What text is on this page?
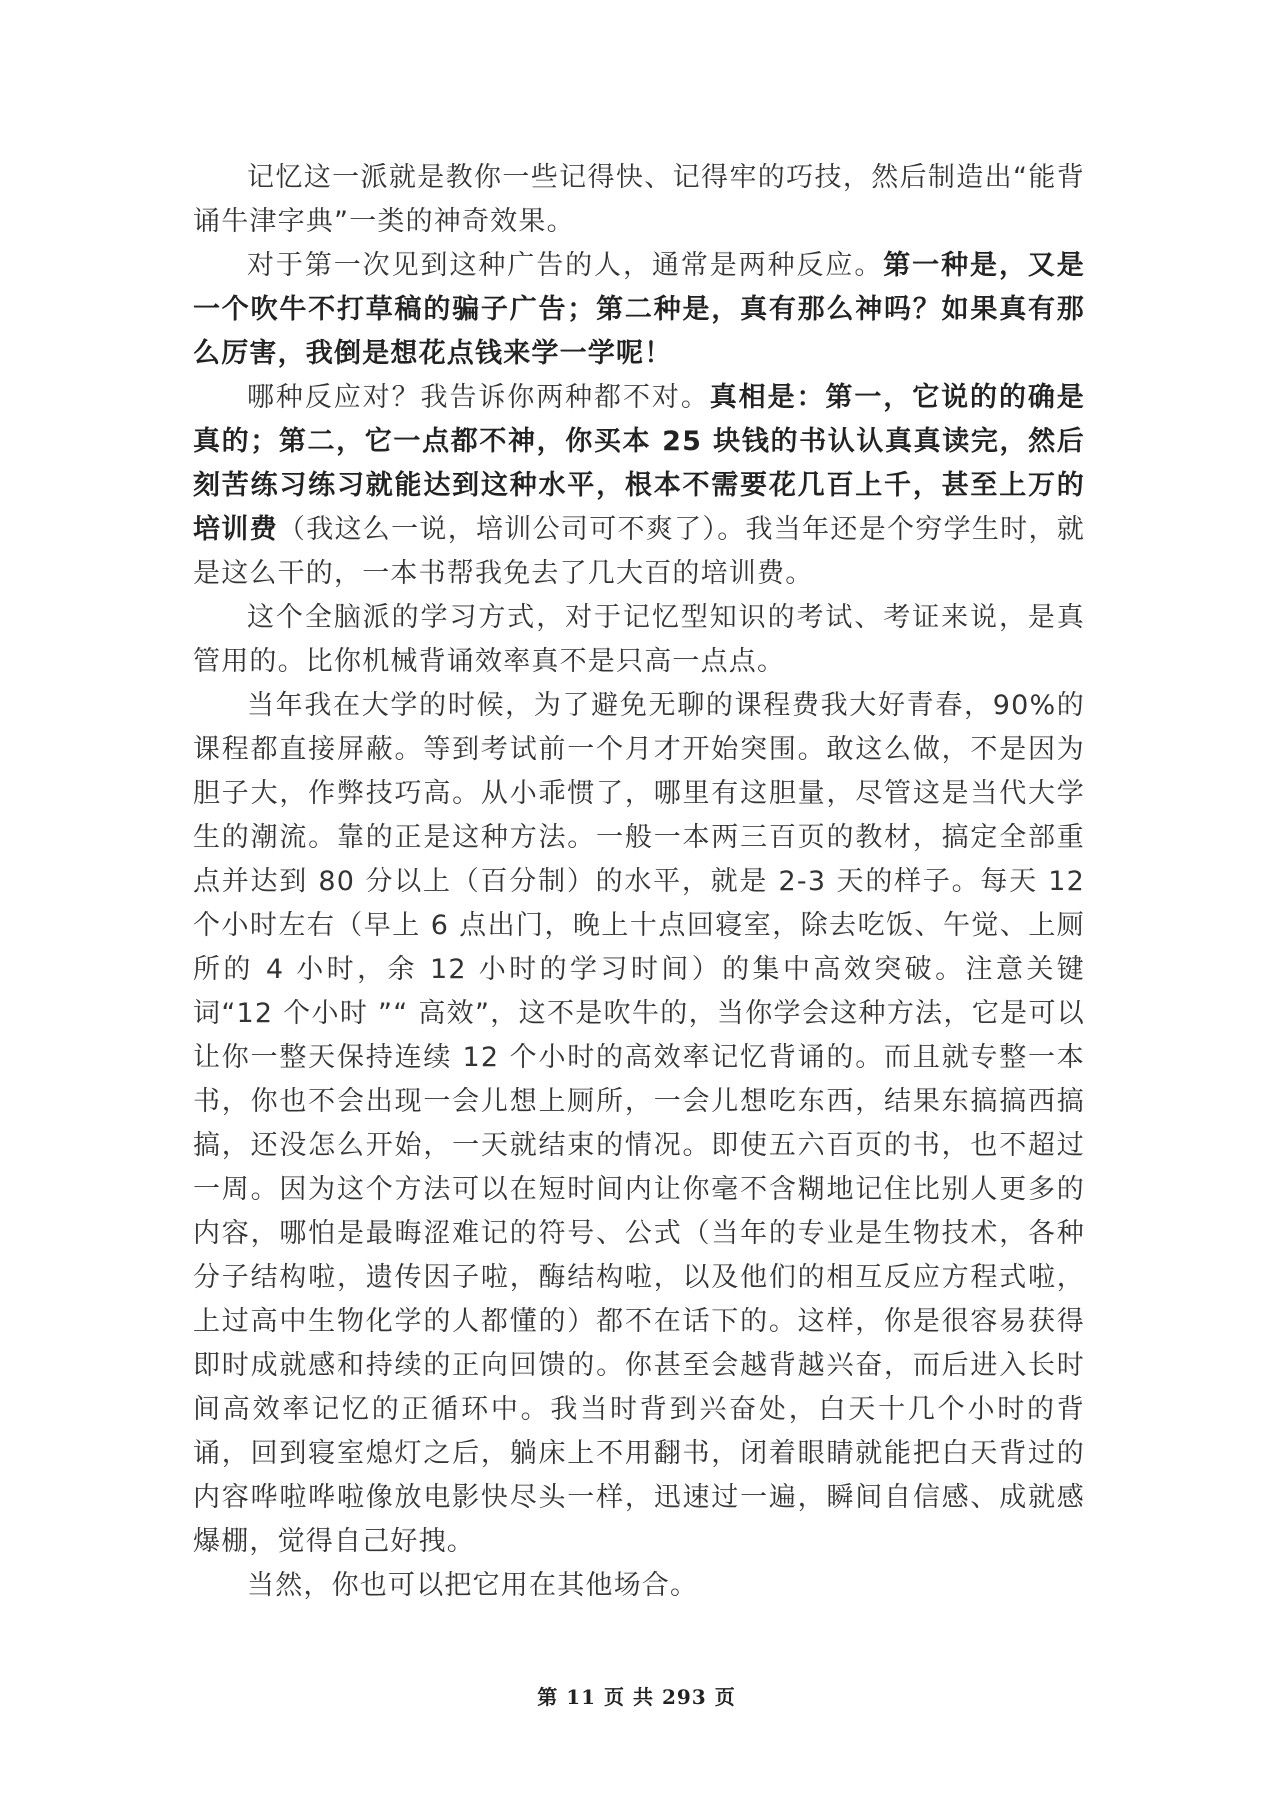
记忆这一派就是教你一些记得快、记得牢的巧技，然后制造出“能背诵牛津字典”一类的神奇效果。

对于第一次见到这种广告的人，通常是两种反应。第一种是，又是一个吹牛不打草稿的骗子广告；第二种是，真有那么神吗？如果真有那么厉害，我倒是想花点钱来学一学呢！

哪种反应对？我告诉你两种都不对。真相是：第一，它说的的确是真的；第二，它一点都不神，你买本 25 块钱的书认认真真读完，然后刻苦练习练习就能达到这种水平，根本不需要花几百上千，甚至上万的培训费（我这么一说，培训公司可不爽了）。我当年还是个穷学生时，就是这么干的，一本书帮我免去了几大百的培训费。

这个全脑派的学习方式，对于记忆型知识的考试、考证来说，是真管用的。比你机械背诵效率真不是只高一点点。

当年我在大学的时候，为了避免无聊的课程费我大好青春，90%的课程都直接屏蔽。等到考试前一个月才开始突围。敢这么做，不是因为胆子大，作弊技巧高。从小乖惯了，哪里有这胆量，尽管这是当代大学生的潮流。靠的正是这种方法。一般一本两三百页的教材，搞定全部重点并达到 80 分以上（百分制）的水平，就是 2-3 天的样子。每天 12 个小时左右（早上 6 点出门，晚上十点回寝室，除去吃饭、午觉、上厕所的 4 小时，余 12 小时的学习时间）的集中高效突破。注意关键词“12 个小时 ”“ 高效”，这不是吹牛的，当你学会这种方法，它是可以让你一整天保持连续 12 个小时的高效率记忆背诵的。而且就专整一本书，你也不会出现一会儿想上厕所，一会儿想吃东西，结果东搞搞西搞搞，还没怎么开始，一天就结束的情况。即使五六百页的书，也不超过一周。因为这个方法可以在短时间内让你毫不含糊地记住比别人更多的内容，哪怕是最晦涩难记的符号、公式（当年的专业是生物技术，各种分子结构啦，遗传因子啦，酶结构啦，以及他们的相互反应方程式啦，上过高中生物化学的人都懂的）都不在话下的。这样，你是很容易获得即时成就感和持续的正向回馈的。你甚至会越背越兴奋，而后进入长时间高效率记忆的正循环中。我当时背到兴奋处，白天十几个小时的背诵，回到寝室熄灯之后，躺床上不用翻书，闭着眼睛就能把白天背过的内容哗啦哗啦像放电影快尽头一样，迅速过一遍，瞬间自信感、成就感爆棚，觉得自己好拽。

当然，你也可以把它用在其他场合。

第 11 页 共 293 页
